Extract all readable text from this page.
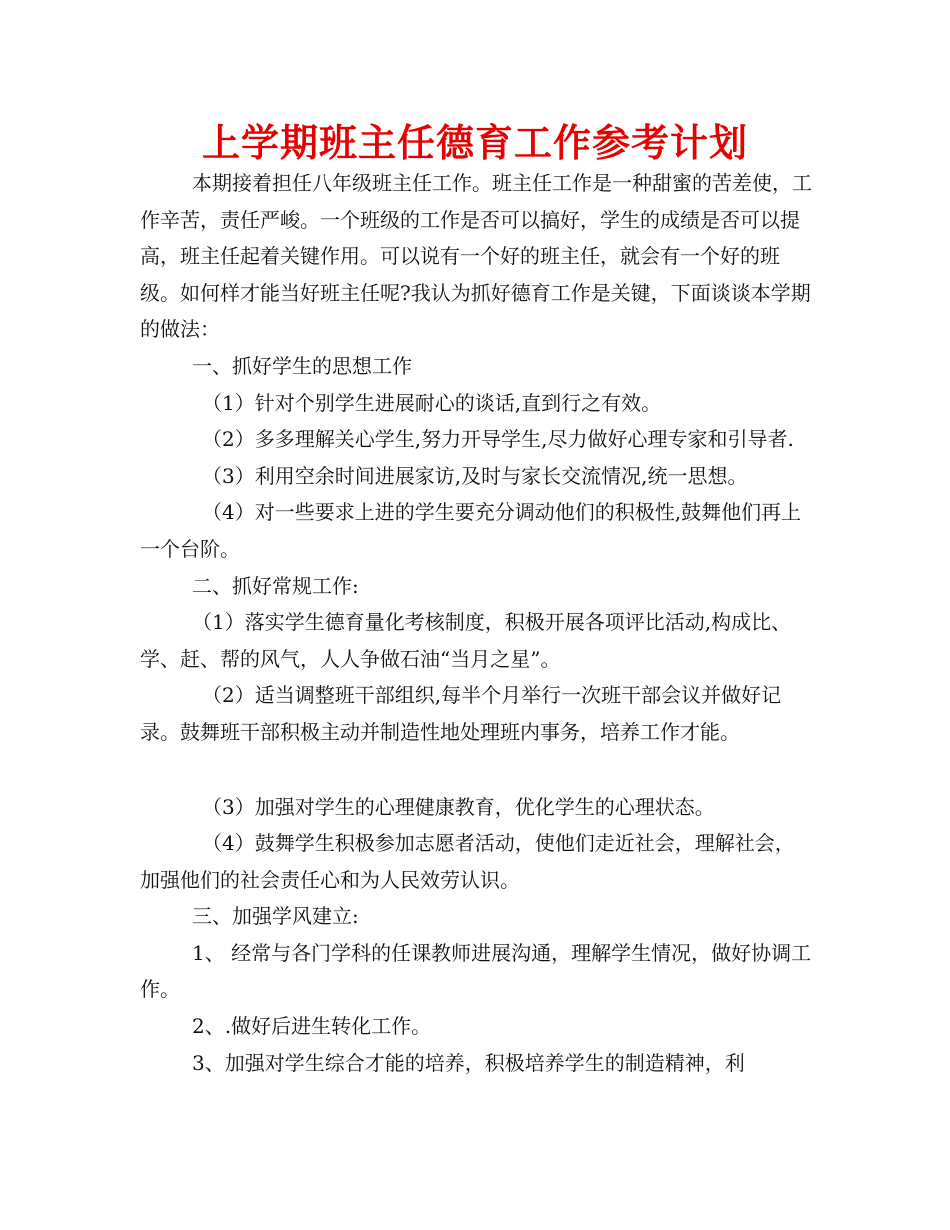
上学期班主任德育工作参考计划

本期接着担任八年级班主任工作。班主任工作是一种甜蜜的苦差使，工作辛苦，责任严峻。一个班级的工作是否可以搞好，学生的成绩是否可以提高，班主任起着关键作用。可以说有一个好的班主任，就会有一个好的班级。如何样才能当好班主任呢?我认为抓好德育工作是关键，下面谈谈本学期的做法：

一、抓好学生的思想工作

（1）针对个别学生进展耐心的谈话,直到行之有效。

（2）多多理解关心学生,努力开导学生,尽力做好心理专家和引导者.

（3）利用空余时间进展家访,及时与家长交流情况,统一思想。

（4）对一些要求上进的学生要充分调动他们的积极性,鼓舞他们再上一个台阶。

二、抓好常规工作:

（1）落实学生德育量化考核制度，积极开展各项评比活动,构成比、学、赶、帮的风气，人人争做石油“当月之星”。

（2）适当调整班干部组织,每半个月举行一次班干部会议并做好记录。鼓舞班干部积极主动并制造性地处理班内事务，培养工作才能。

（3）加强对学生的心理健康教育，优化学生的心理状态。

（4）鼓舞学生积极参加志愿者活动，使他们走近社会，理解社会，加强他们的社会责任心和为人民效劳认识。

三、加强学风建立:

1、 经常与各门学科的任课教师进展沟通，理解学生情况，做好协调工作。

2、.做好后进生转化工作。

3、加强对学生综合才能的培养，积极培养学生的制造精神，利
